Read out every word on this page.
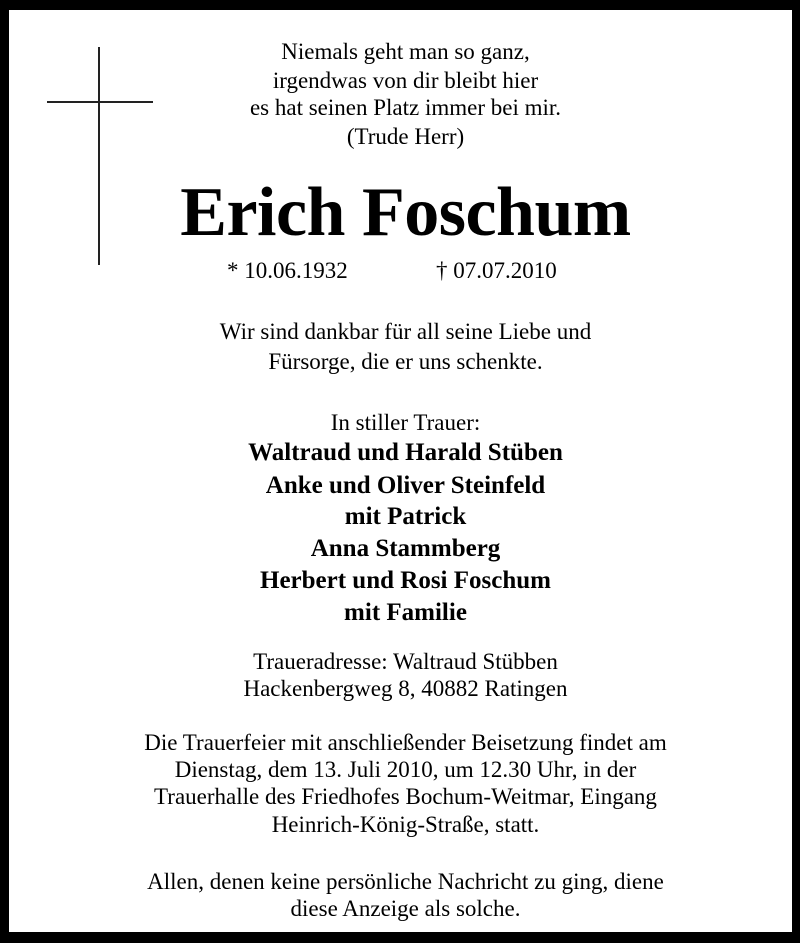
Niemals geht man so ganz,
irgendwas von dir bleibt hier
es hat seinen Platz immer bei mir.
(Trude Herr)
Erich Foschum
* 10.06.1932	† 07.07.2010
Wir sind dankbar für all seine Liebe und
Fürsorge, die er uns schenkte.
In stiller Trauer:
Waltraud und Harald Stüben
Anke und Oliver Steinfeld
mit Patrick
Anna Stammberg
Herbert und Rosi Foschum
mit Familie
Traueradresse: Waltraud Stübben
Hackenbergweg 8, 40882 Ratingen
Die Trauerfeier mit anschließender Beisetzung findet am
Dienstag, dem 13. Juli 2010, um 12.30 Uhr, in der
Trauerhalle des Friedhofes Bochum-Weitmar, Eingang
Heinrich-König-Straße, statt.
Allen, denen keine persönliche Nachricht zu ging, diene
diese Anzeige als solche.
